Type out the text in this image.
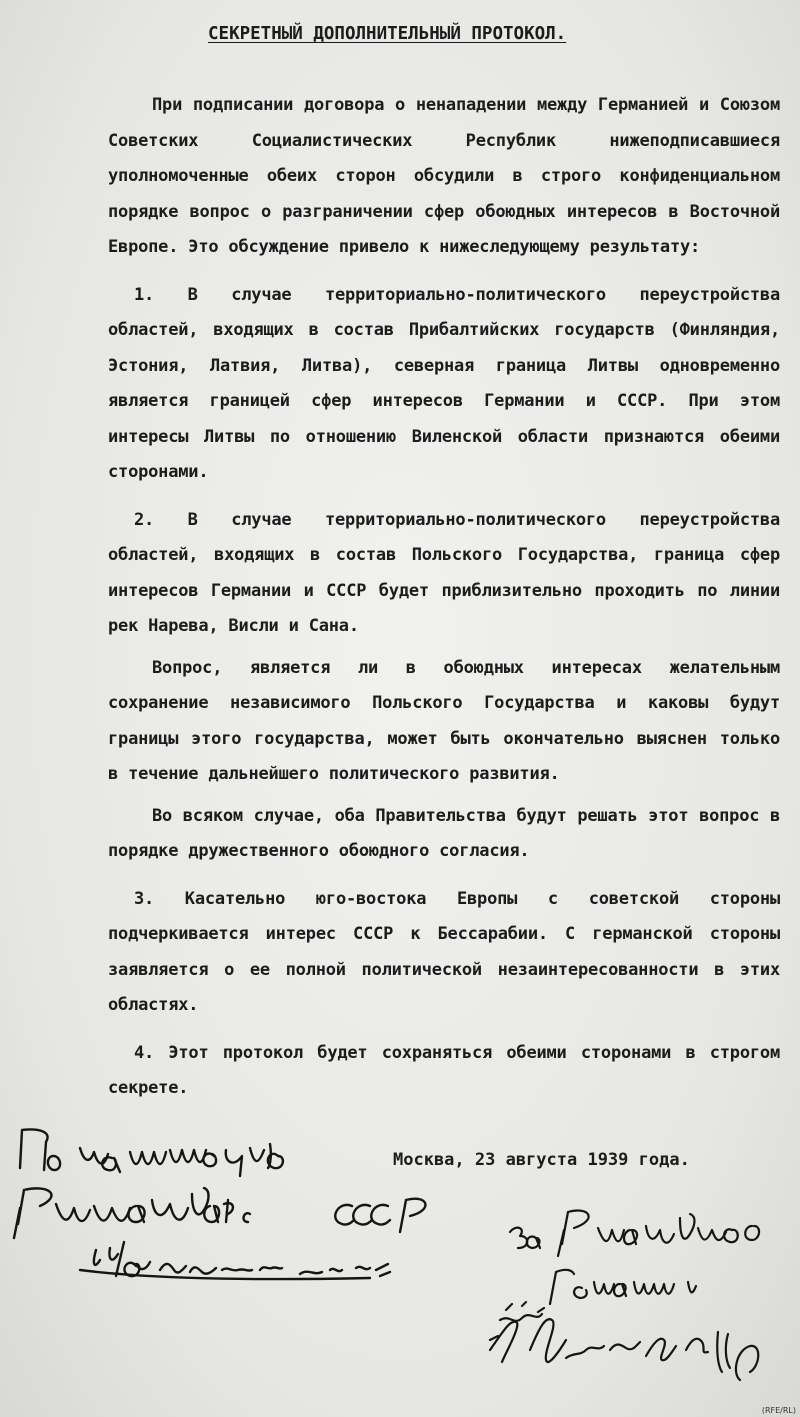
СЕКРЕТНЫЙ ДОПОЛНИТЕЛЬНЫЙ ПРОТОКОЛ.

При подписании договора о ненападении между Германией и Союзом Советских Социалистических Республик нижеподписавшиеся уполномоченные обеих сторон обсудили в строго конфиденциальном порядке вопрос о разграничении сфер обоюдных интересов в Восточной Европе. Это обсуждение привело к нижеследующему результату:

1. В случае территориально-политического переустройства областей, входящих в состав Прибалтийских государств (Финляндия, Эстония, Латвия, Литва), северная граница Литвы одновременно является границей сфер интересов Германии и СССР. При этом интересы Литвы по отношению Виленской области признаются обеими сторонами.

2. В случае территориально-политического переустройства областей, входящих в состав Польского Государства, граница сфер интересов Германии и СССР будет приблизительно проходить по линии рек Нарева, Висли и Сана.

Вопрос, является ли в обоюдных интересах желательным сохранение независимого Польского Государства и каковы будут границы этого государства, может быть окончательно выяснен только в течение дальнейшего политического развития.

Во всяком случае, оба Правительства будут решать этот вопрос в порядке дружественного обоюдного согласия.

3. Касательно юго-востока Европы с советской стороны подчеркивается интерес СССР к Бессарабии. С германской стороны заявляется о ее полной политической незаинтересованности в этих областях.

4. Этот протокол будет сохраняться обеими сторонами в строгом секрете.

Москва, 23 августа 1939 года.
(RFE/RL)
